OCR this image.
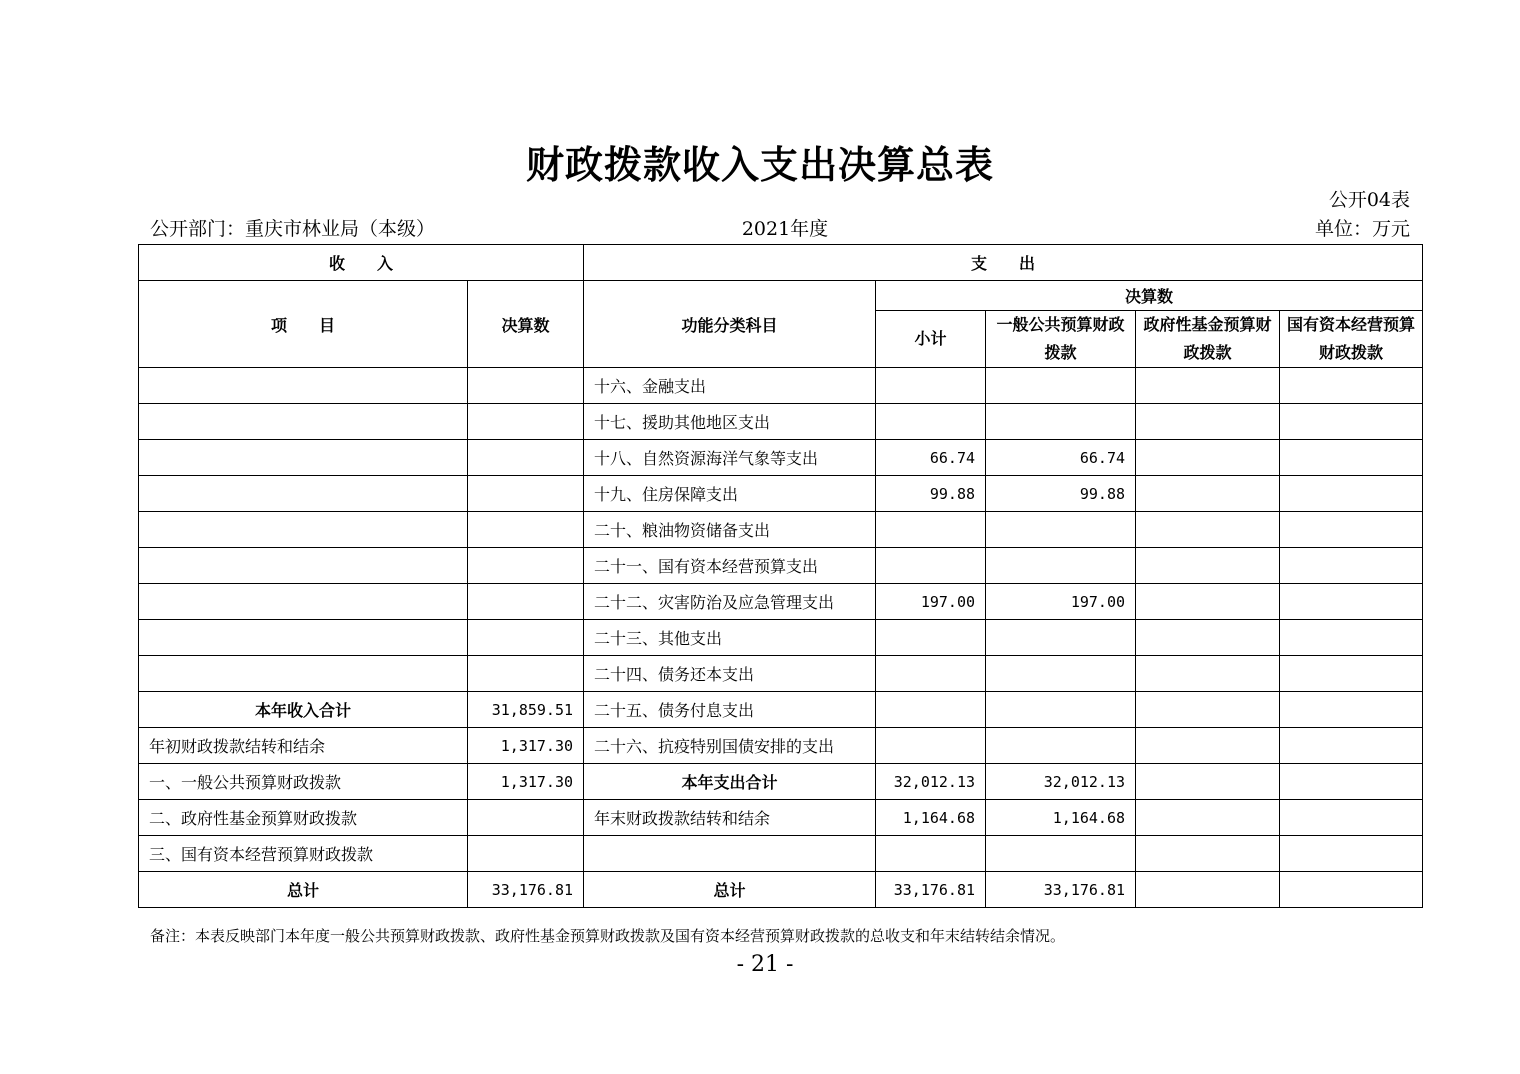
财政拨款收入支出决算总表
公开04表
公开部门：重庆市林业局（本级）	2021年度	单位：万元
收　　入		支　　出				
项　　目	决算数	功能分类科目	决算数			
			小计	一般公共预算财政拨款	政府性基金预算财政拨款	国有资本经营预算财政拨款
		十六、金融支出				
		十七、援助其他地区支出				
		十八、自然资源海洋气象等支出	66.74	66.74		
		十九、住房保障支出	99.88	99.88		
		二十、粮油物资储备支出				
		二十一、国有资本经营预算支出				
		二十二、灾害防治及应急管理支出	197.00	197.00		
		二十三、其他支出				
		二十四、债务还本支出				
本年收入合计	31,859.51	二十五、债务付息支出				
年初财政拨款结转和结余	1,317.30	二十六、抗疫特别国债安排的支出				
一、一般公共预算财政拨款	1,317.30	本年支出合计	32,012.13	32,012.13		
二、政府性基金预算财政拨款		年末财政拨款结转和结余	1,164.68	1,164.68		
三、国有资本经营预算财政拨款						
总计	33,176.81	总计	33,176.81	33,176.81		
备注：本表反映部门本年度一般公共预算财政拨款、政府性基金预算财政拨款及国有资本经营预算财政拨款的总收支和年末结转结余情况。
- 21 -
